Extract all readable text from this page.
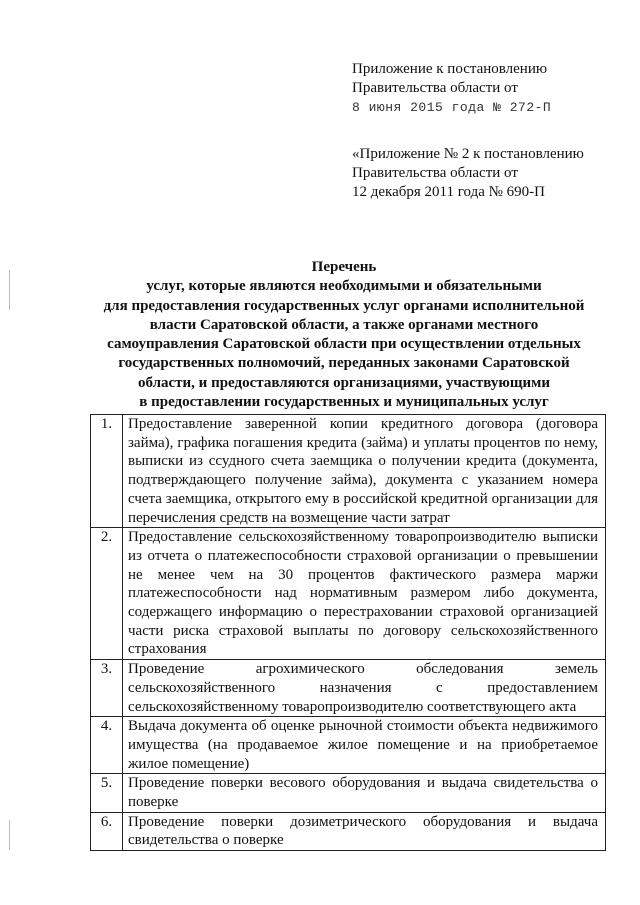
Приложение к постановлению
Правительства области от
8 июня 2015 года № 272-П
«Приложение № 2 к постановлению
Правительства области от
12 декабря 2011 года № 690-П
Перечень
услуг, которые являются необходимыми и обязательными
для предоставления государственных услуг органами исполнительной
власти Саратовской области, а также органами местного
самоуправления Саратовской области при осуществлении отдельных
государственных полномочий, переданных законами Саратовской
области, и предоставляются организациями, участвующими
в предоставлении государственных и муниципальных услуг
1.	Предоставление заверенной копии кредитного договора (договора займа), графика погашения кредита (займа) и уплаты процентов по нему, выписки из ссудного счета заемщика о получении кредита (документа, подтверждающего получение займа), документа с указанием номера счета заемщика, открытого ему в российской кредитной организации для перечисления средств на возмещение части затрат
2.	Предоставление сельскохозяйственному товаропроизводителю выписки из отчета о платежеспособности страховой организации о превышении не менее чем на 30 процентов фактического размера маржи платежеспособности над нормативным размером либо документа, содержащего информацию о перестраховании страховой организацией части риска страховой выплаты по договору сельскохозяйственного страхования
3.	Проведение агрохимического обследования земель сельскохозяйственного назначения с предоставлением сельскохозяйственному товаропроизводителю соответствующего акта
4.	Выдача документа об оценке рыночной стоимости объекта недвижимого имущества (на продаваемое жилое помещение и на приобретаемое жилое помещение)
5.	Проведение поверки весового оборудования и выдача свидетельства о поверке
6.	Проведение поверки дозиметрического оборудования и выдача свидетельства о поверке
